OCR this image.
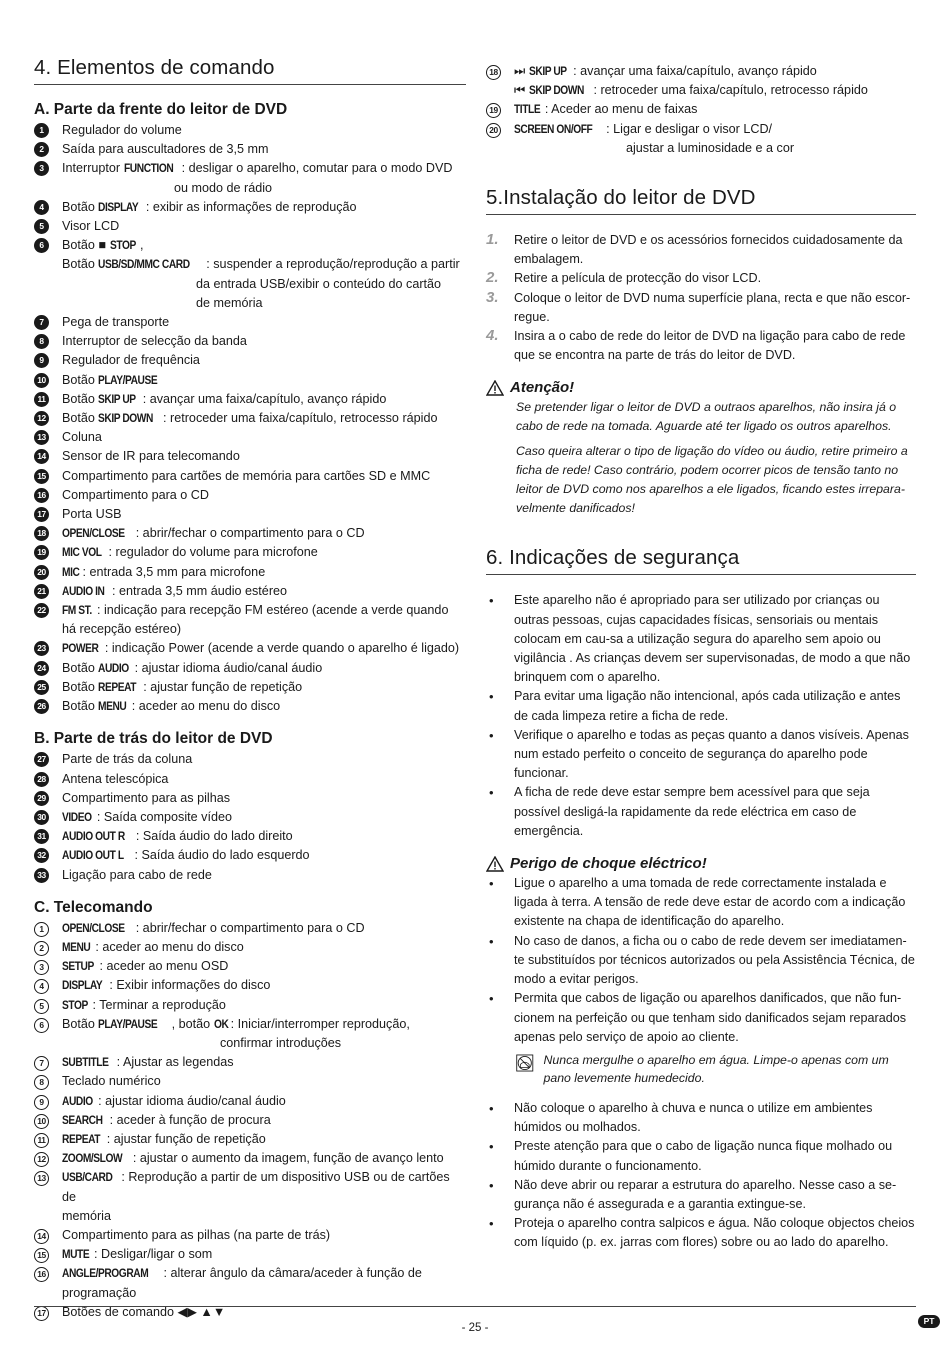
4. Elementos de comando
A. Parte da frente do leitor de DVD
1	Regulador do volume
2	Saída para auscultadores de 3,5 mm
3	Interruptor FUNCTION : desligar o aparelho, comutar para o modo DVD
ou modo de rádio
4	Botão DISPLAY : exibir as informações de reprodução
5	Visor LCD
6	Botão ■ STOP ,
Botão USB/SD/MMC CARD : suspender a reprodução/reprodução a partir
da entrada USB/exibir o conteúdo do cartão
de memória
7	Pega de transporte
8	Interruptor de selecção da banda
9	Regulador de frequência
10 Botão PLAY/PAUSE
11 Botão SKIP UP : avançar uma faixa/capítulo, avanço rápido
12 Botão SKIP DOWN : retroceder uma faixa/capítulo, retrocesso rápido
13 Coluna
14 Sensor de IR para telecomando
15 Compartimento para cartões de memória para cartões SD e MMC
16 Compartimento para o CD
17 Porta USB
18 OPEN/CLOSE : abrir/fechar o compartimento para o CD
19 MIC VOL : regulador do volume para microfone
20 MIC : entrada 3,5 mm para microfone
21 AUDIO IN : entrada 3,5 mm áudio estéreo
22 FM ST. : indicação para recepção FM estéreo (acende a verde quando
há recepção estéreo)
23 POWER : indicação Power (acende a verde quando o aparelho é ligado)
24 Botão AUDIO : ajustar idioma áudio/canal áudio
25 Botão REPEAT : ajustar função de repetição
26 Botão MENU : aceder ao menu do disco
B. Parte de trás do leitor de DVD
27 Parte de trás da coluna
28 Antena telescópica
29 Compartimento para as pilhas
30 VIDEO : Saída composite vídeo
31 AUDIO OUT R : Saída áudio do lado direito
32 AUDIO OUT L : Saída áudio do lado esquerdo
33 Ligação para cabo de rede
C. Telecomando
1	OPEN/CLOSE : abrir/fechar o compartimento para o CD
2	MENU : aceder ao menu do disco
3	SETUP : aceder ao menu OSD
4	DISPLAY : Exibir informações do disco
5	STOP : Terminar a reprodução
6	Botão PLAY/PAUSE , botão OK : Iniciar/interromper reprodução,
confirmar introduções
7	SUBTITLE : Ajustar as legendas
8	Teclado numérico
9	AUDIO : ajustar idioma áudio/canal áudio
10 SEARCH : aceder à função de procura
11 REPEAT : ajustar função de repetição
12 ZOOM/SLOW : ajustar o aumento da imagem, função de avanço lento
13 USB/CARD : Reprodução a partir de um dispositivo USB ou de cartões de
memória
14 Compartimento para as pilhas (na parte de trás)
15 MUTE : Desligar/ligar o som
16 ANGLE/PROGRAM : alterar ângulo da câmara/aceder à função de programação
17 Botões de comando ◀▶ ▲▼
18 ⏭ SKIP UP : avançar uma faixa/capítulo, avanço rápido
⏮ SKIP DOWN : retroceder uma faixa/capítulo, retrocesso rápido
19 TITLE : Aceder ao menu de faixas
20 SCREEN ON/OFF : Ligar e desligar o visor LCD/
ajustar a luminosidade e a cor
5.Instalação do leitor de DVD
1. Retire o leitor de DVD e os acessórios fornecidos cuidadosamente da embalagem.
2. Retire a película de protecção do visor LCD.
3. Coloque o leitor de DVD numa superfície plana, recta e que não escor-regue.
4. Insira a o cabo de rede do leitor de DVD na ligação para cabo de rede que se encontra na parte de trás do leitor de DVD.
Atenção!

Se pretender ligar o leitor de DVD a outraos aparelhos, não insira já o cabo de rede na tomada. Aguarde até ter ligado os outros aparelhos.

Caso queira alterar o tipo de ligação do vídeo ou áudio, retire primeiro a ficha de rede! Caso contrário, podem ocorrer picos de tensão tanto no leitor de DVD como nos aparelhos a ele ligados, ficando estes irrepara-velmente danificados!

6. Indicações de segurança
• Este aparelho não é apropriado para ser utilizado por crianças ou outras pessoas, cujas capacidades físicas, sensoriais ou mentais colocam em cau-sa a utilização segura do aparelho sem apoio ou vigilância . As crianças devem ser supervisonadas, de modo a que não brinquem com o aparelho.
• Para evitar uma ligação não intencional, após cada utilização e antes de cada limpeza retire a ficha de rede.
• Verifique o aparelho e todas as peças quanto a danos visíveis. Apenas num estado perfeito o conceito de segurança do aparelho pode funcionar.
• A ficha de rede deve estar sempre bem acessível para que seja possível desligá-la rapidamente da rede eléctrica em caso de emergência.
Perigo de choque eléctrico!
• Ligue o aparelho a uma tomada de rede correctamente instalada e ligada à terra. A tensão de rede deve estar de acordo com a indicação existente na chapa de identificação do aparelho.
• No caso de danos, a ficha ou o cabo de rede devem ser imediatamen-te substituídos por técnicos autorizados ou pela Assistência Técnica, de modo a evitar perigos.
• Permita que cabos de ligação ou aparelhos danificados, que não fun-cionem na perfeição ou que tenham sido danificados sejam reparados apenas pelo serviço de apoio ao cliente.
Nunca mergulhe o aparelho em água. Limpe-o apenas com um pano levemente humedecido.
• Não coloque o aparelho à chuva e nunca o utilize em ambientes húmidos ou molhados.
• Preste atenção para que o cabo de ligação nunca fique molhado ou húmido durante o funcionamento.
• Não deve abrir ou reparar a estrutura do aparelho. Nesse caso a se-gurança não é assegurada e a garantia extingue-se.
• Proteja o aparelho contra salpicos e água. Não coloque objectos cheios com líquido (p. ex. jarras com flores) sobre ou ao lado do aparelho.
- 25 -
PT
